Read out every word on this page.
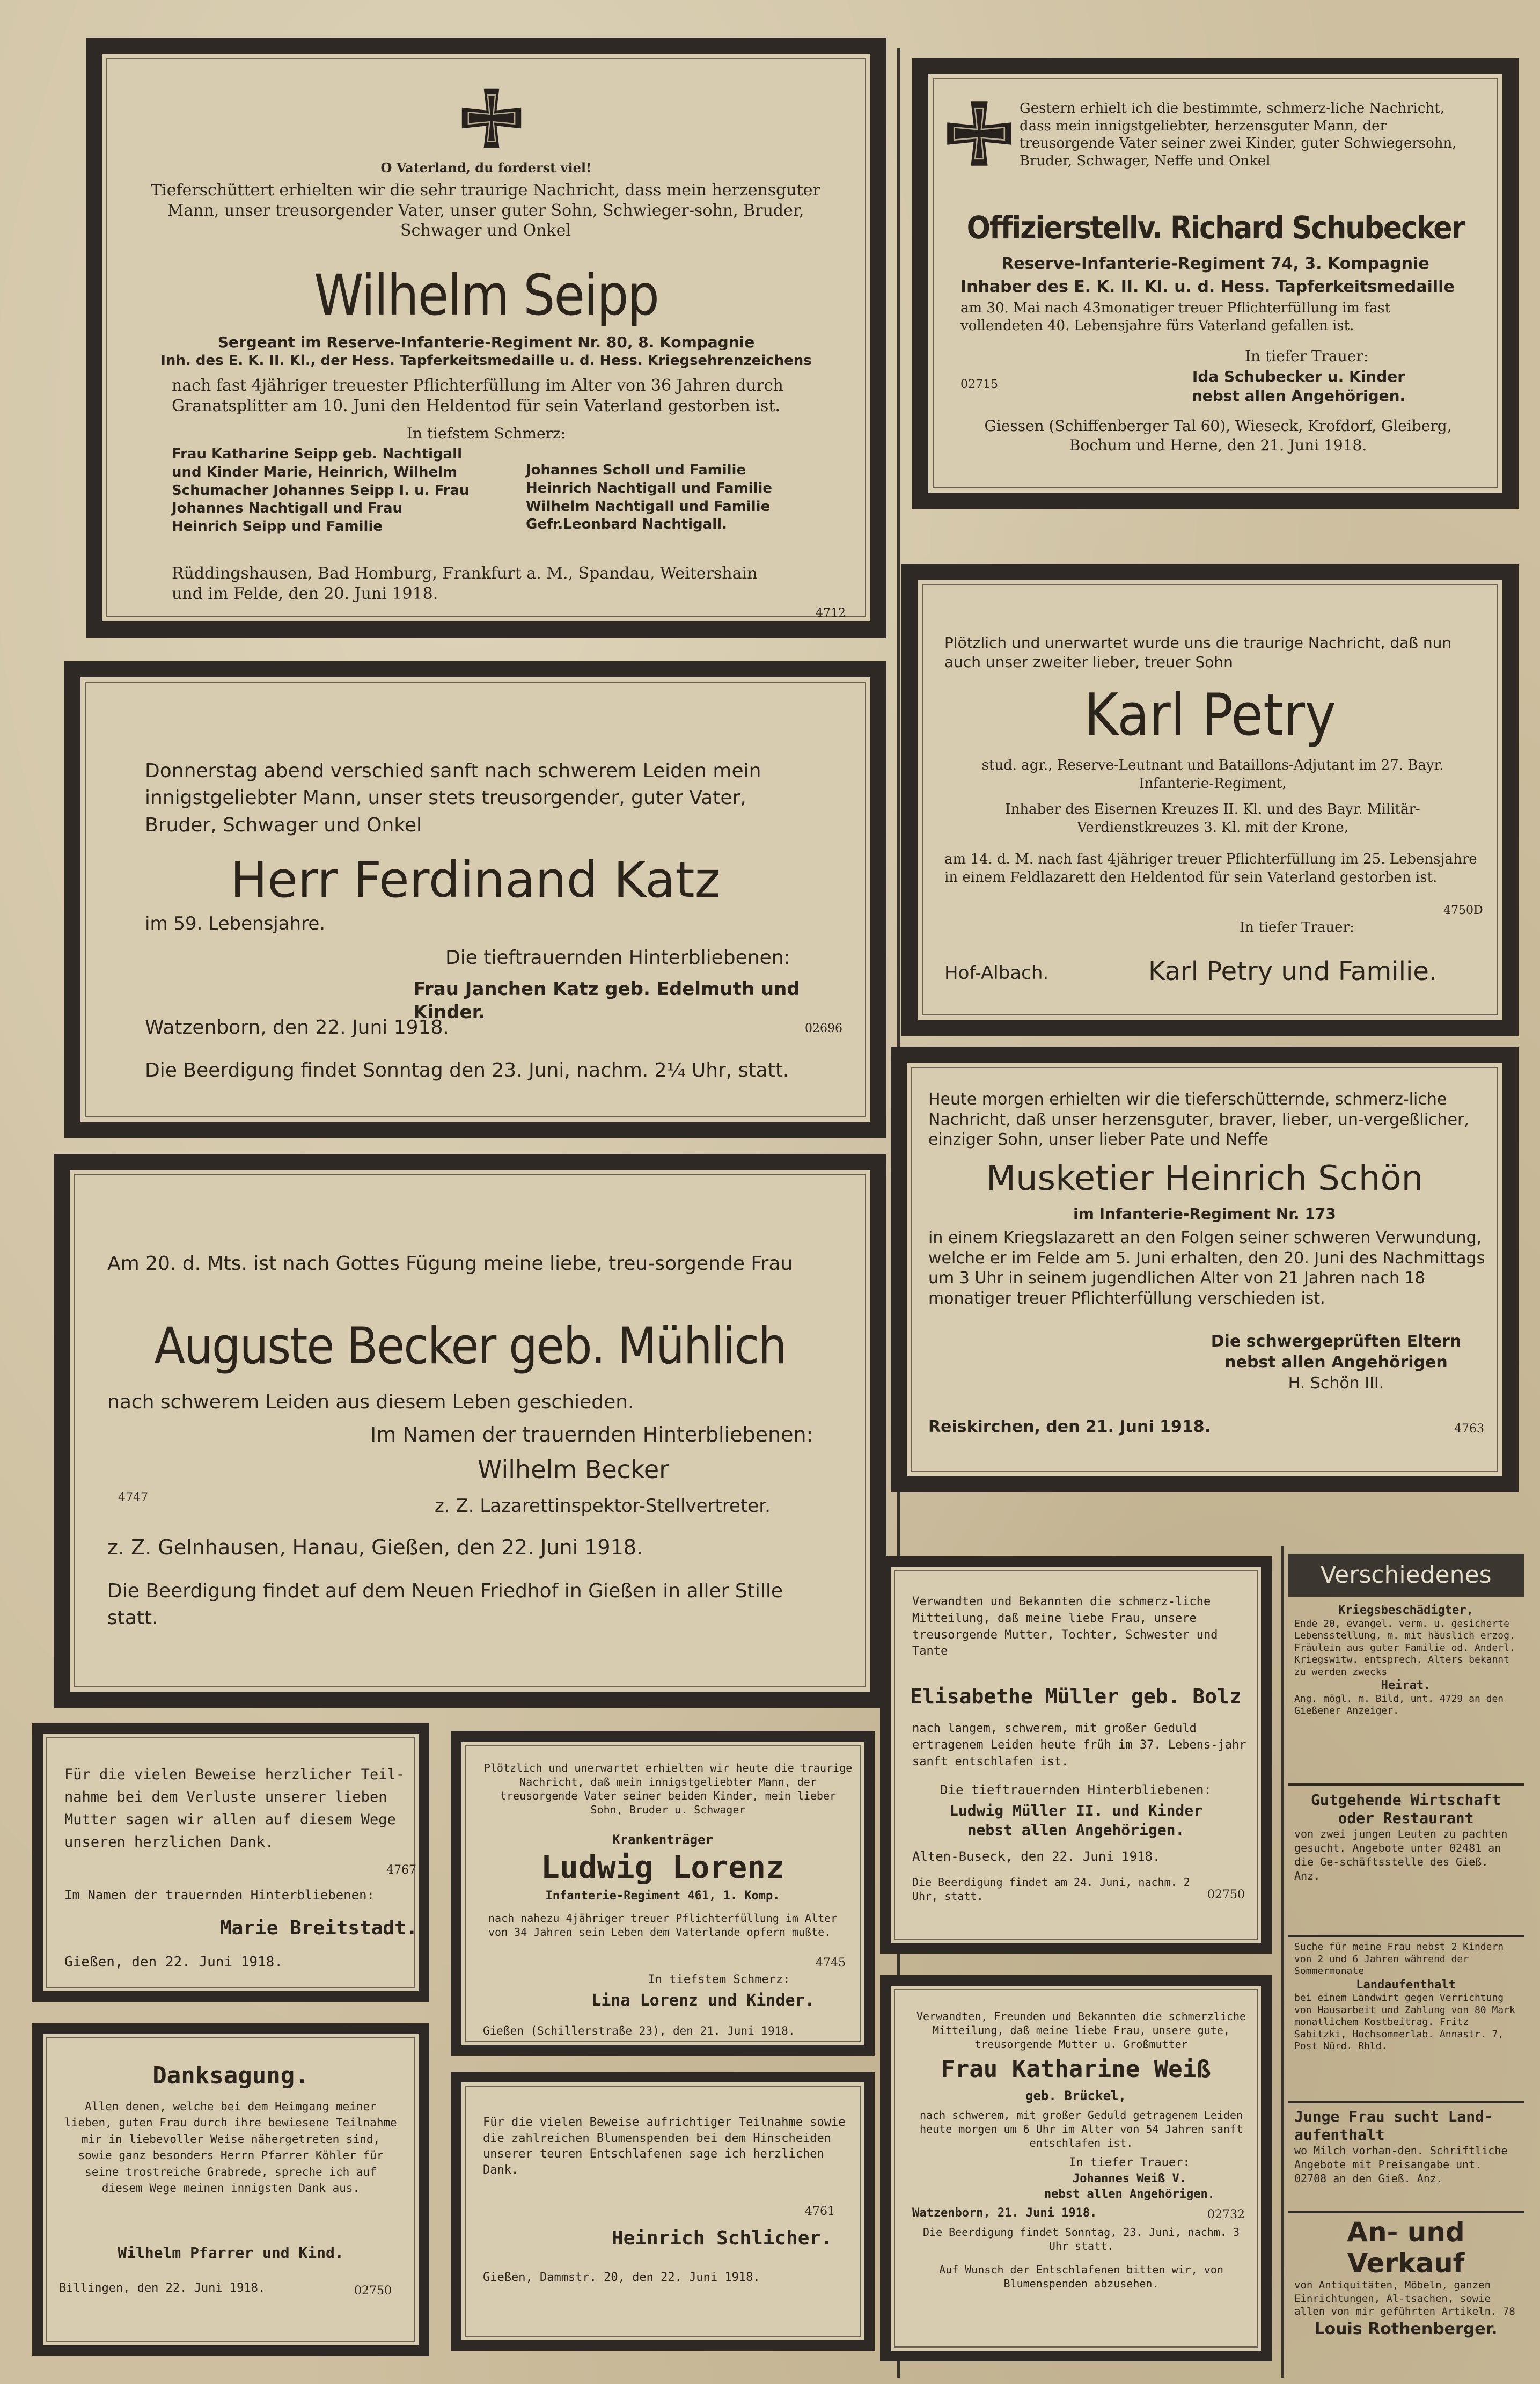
O Vaterland, du forderst viel!
Tieferschüttert erhielten wir die sehr traurige Nachricht, dass mein herzensguter Mann, unser treusorgender Vater, unser guter Sohn, Schwieger-sohn, Bruder, Schwager und Onkel
Wilhelm Seipp
Sergeant im Reserve-Infanterie-Regiment Nr. 80, 8. Kompagnie
Inh. des E. K. II. Kl., der Hess. Tapferkeitsmedaille u. d. Hess. Kriegsehrenzeichens
nach fast 4jähriger treuester Pflichterfüllung im Alter von 36 Jahren durch Granatsplitter am 10. Juni den Heldentod für sein Vaterland gestorben ist.
In tiefstem Schmerz:

Frau Katharine Seipp geb. Nachtigall

und Kinder Marie, Heinrich, Wilhelm

Schumacher Johannes Seipp I. u. Frau

Johannes Nachtigall und Frau

Heinrich Seipp und Familie

Johannes Scholl und Familie

Heinrich Nachtigall und Familie

Wilhelm Nachtigall und Familie

Gefr.Leonbard Nachtigall.

Rüddingshausen, Bad Homburg, Frankfurt a. M., Spandau, Weitershain und im Felde, den 20. Juni 1918.
4712
Donnerstag abend verschied sanft nach schwerem Leiden mein innigstgeliebter Mann, unser stets treusorgender, guter Vater, Bruder, Schwager und Onkel
Herr Ferdinand Katz
im 59. Lebensjahre.
Die tieftrauernden Hinterbliebenen:
Frau Janchen Katz geb. Edelmuth und Kinder.
Watzenborn, den 22. Juni 1918.	02696
Die Beerdigung findet Sonntag den 23. Juni, nachm. 2¼ Uhr, statt.
Am 20. d. Mts. ist nach Gottes Fügung meine liebe, treu-sorgende Frau
Auguste Becker geb. Mühlich
nach schwerem Leiden aus diesem Leben geschieden.
Im Namen der trauernden Hinterbliebenen:
Wilhelm Becker
4747	z. Z. Lazarettinspektor-Stellvertreter.
z. Z. Gelnhausen, Hanau, Gießen, den 22. Juni 1918.
Die Beerdigung findet auf dem Neuen Friedhof in Gießen in aller Stille statt.
Für die vielen Beweise herzlicher Teil-nahme bei dem Verluste unserer lieben Mutter sagen wir allen auf diesem Wege unseren herzlichen Dank.
4767
Im Namen der trauernden Hinterbliebenen:
Marie Breitstadt.
Gießen, den 22. Juni 1918.
Danksagung.
Allen denen, welche bei dem Heimgang meiner lieben, guten Frau durch ihre bewiesene Teilnahme mir in liebevoller Weise nähergetreten sind, sowie ganz besonders Herrn Pfarrer Köhler für seine trostreiche Grabrede, spreche ich auf diesem Wege meinen innigsten Dank aus.
Wilhelm Pfarrer und Kind.
Billingen, den 22. Juni 1918.	02750
Plötzlich und unerwartet erhielten wir heute die traurige Nachricht, daß mein innigstgeliebter Mann, der treusorgende Vater seiner beiden Kinder, mein lieber Sohn, Bruder u. Schwager
Krankenträger
Ludwig Lorenz
Infanterie-Regiment 461, 1. Komp.
nach nahezu 4jähriger treuer Pflichterfüllung im Alter von 34 Jahren sein Leben dem Vaterlande opfern mußte.
4745
In tiefstem Schmerz:
Lina Lorenz und Kinder.
Gießen (Schillerstraße 23), den 21. Juni 1918.
Für die vielen Beweise aufrichtiger Teilnahme sowie die zahlreichen Blumenspenden bei dem Hinscheiden unserer teuren Entschlafenen sage ich herzlichen Dank.
4761
Heinrich Schlicher.
Gießen, Dammstr. 20, den 22. Juni 1918.
Gestern erhielt ich die bestimmte, schmerz-liche Nachricht, dass mein innigstgeliebter, herzensguter Mann, der treusorgende Vater seiner zwei Kinder, guter Schwiegersohn, Bruder, Schwager, Neffe und Onkel
Offizierstellv. Richard Schubecker
Reserve-Infanterie-Regiment 74, 3. Kompagnie
Inhaber des E. K. II. Kl. u. d. Hess. Tapferkeitsmedaille
am 30. Mai nach 43monatiger treuer Pflichterfüllung im fast vollendeten 40. Lebensjahre fürs Vaterland gefallen ist.
In tiefer Trauer:
02715	Ida Schubecker u. Kinder

nebst allen Angehörigen.

Giessen (Schiffenberger Tal 60), Wieseck, Krofdorf, Gleiberg, Bochum und Herne, den 21. Juni 1918.
Plötzlich und unerwartet wurde uns die traurige Nachricht, daß nun auch unser zweiter lieber, treuer Sohn
Karl Petry
stud. agr., Reserve-Leutnant und Bataillons-Adjutant im 27. Bayr. Infanterie-Regiment,
Inhaber des Eisernen Kreuzes II. Kl. und des Bayr. Militär-Verdienstkreuzes 3. Kl. mit der Krone,
am 14. d. M. nach fast 4jähriger treuer Pflichterfüllung im 25. Lebensjahre in einem Feldlazarett den Heldentod für sein Vaterland gestorben ist.
4750D
In tiefer Trauer:
Hof-Albach.	Karl Petry und Familie.
Heute morgen erhielten wir die tieferschütternde, schmerz-liche Nachricht, daß unser herzensguter, braver, lieber, un-vergeßlicher, einziger Sohn, unser lieber Pate und Neffe
Musketier Heinrich Schön
im Infanterie-Regiment Nr. 173
in einem Kriegslazarett an den Folgen seiner schweren Verwundung, welche er im Felde am 5. Juni erhalten, den 20. Juni des Nachmittags um 3 Uhr in seinem jugendlichen Alter von 21 Jahren nach 18 monatiger treuer Pflichterfüllung verschieden ist.

Die schwergeprüften Eltern

nebst allen Angehörigen

H. Schön III.

Reiskirchen, den 21. Juni 1918.	4763
Verwandten und Bekannten die schmerz-liche Mitteilung, daß meine liebe Frau, unsere treusorgende Mutter, Tochter, Schwester und Tante
Elisabethe Müller geb. Bolz
nach langem, schwerem, mit großer Geduld ertragenem Leiden heute früh im 37. Lebens-jahr sanft entschlafen ist.
Die tieftrauernden Hinterbliebenen:

Ludwig Müller II. und Kinder

nebst allen Angehörigen.

Alten-Buseck, den 22. Juni 1918.
Die Beerdigung findet am 24. Juni, nachm. 2 Uhr, statt.	02750
Verwandten, Freunden und Bekannten die schmerzliche Mitteilung, daß meine liebe Frau, unsere gute, treusorgende Mutter u. Großmutter
Frau Katharine Weiß
geb. Brückel,
nach schwerem, mit großer Geduld getragenem Leiden heute morgen um 6 Uhr im Alter von 54 Jahren sanft entschlafen ist.
In tiefer Trauer:

Johannes Weiß V.

nebst allen Angehörigen.

Watzenborn, 21. Juni 1918.	02732
Die Beerdigung findet Sonntag, 23. Juni, nachm. 3 Uhr statt.
Auf Wunsch der Entschlafenen bitten wir, von Blumenspenden abzusehen.
Verschiedenes

Kriegsbeschädigter,

Ende 20, evangel. verm. u. gesicherte Lebensstellung, m. mit häuslich erzog. Fräulein aus guter Familie od. Anderl. Kriegswitw. entsprech. Alters bekannt zu werden zwecks

Heirat.

Ang. mögl. m. Bild, unt. 4729 an den Gießener Anzeiger.

Gutgehende Wirtschaft oder Restaurant

von zwei jungen Leuten zu pachten gesucht. Angebote unter 02481 an die Ge-schäftsstelle des Gieß. Anz.

Suche für meine Frau nebst 2 Kindern von 2 und 6 Jahren während der Sommermonate

Landaufenthalt

bei einem Landwirt gegen Verrichtung von Hausarbeit und Zahlung von 80 Mark monatlichem Kostbeitrag. Fritz Sabitzki, Hochsommerlab. Annastr. 7, Post Nürd. Rhld.

Junge Frau sucht Land-aufenthalt

wo Milch vorhan-den. Schriftliche Angebote mit Preisangabe unt. 02708 an den Gieß. Anz.

An- und Verkauf

von Antiquitäten, Möbeln, ganzen Einrichtungen, Al-tsachen, sowie allen von mir geführten Artikeln. 78

Louis Rothenberger.
